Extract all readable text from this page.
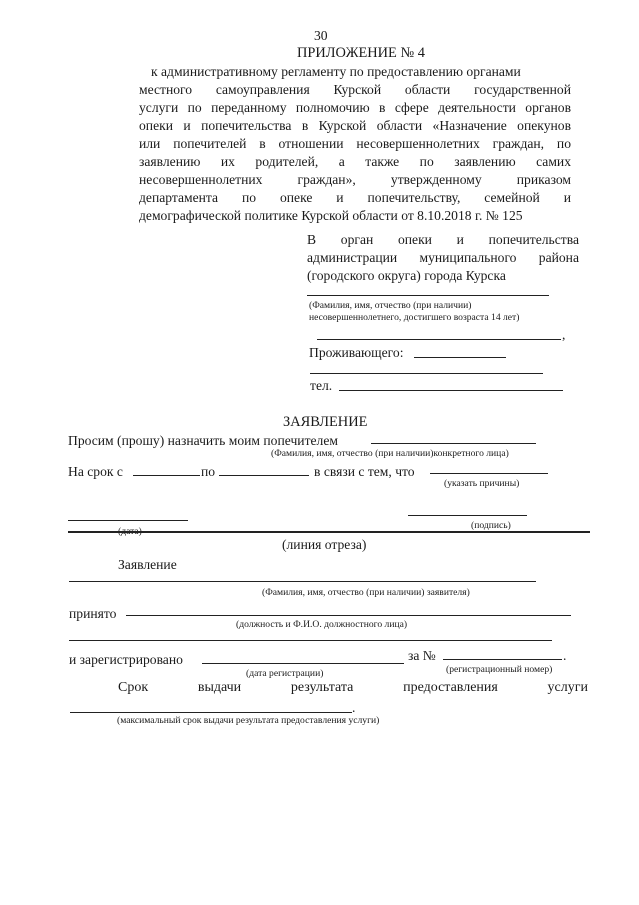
30
ПРИЛОЖЕНИЕ № 4
к административному регламенту по предоставлению органами
местного самоуправления Курской области государственной
услуги по переданному полномочию в сфере деятельности органов
опеки и попечительства в Курской области «Назначение опекунов
или попечителей в отношении несовершеннолетних граждан, по
заявлению их родителей, а также по заявлению самих
несовершеннолетних граждан», утвержденному приказом
департамента по опеке и попечительству, семейной и
демографической политике Курской области от 8.10.2018 г. № 125
В орган опеки и попечительства
администрации муниципального района
(городского округа) города Курска
(Фамилия, имя, отчество (при наличии)
несовершеннолетнего, достигшего возраста 14 лет)
,
Проживающего:
тел.
ЗАЯВЛЕНИЕ
Просим (прошу) назначить моим попечителем
(Фамилия, имя, отчество (при наличии)конкретного лица)
На срок с	по	в связи с тем, что
(указать причины)
(подпись)
(дата)
(линия отреза)
Заявление
(Фамилия, имя, отчество (при наличии) заявителя)
принято
(должность и Ф.И.О. должностного лица)
и зарегистрировано	за №	.
(дата регистрации)	(регистрационный номер)
Срок выдачи результата предоставления услуги
.
(максимальный срок выдачи результата предоставления услуги)
